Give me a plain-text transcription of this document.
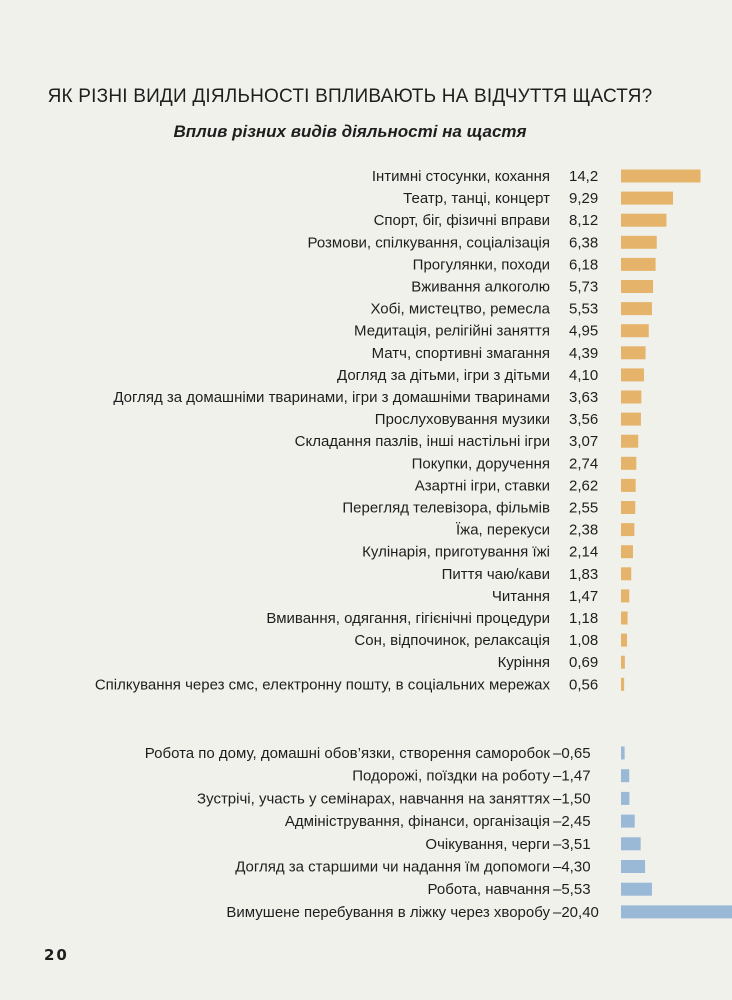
ЯК РІЗНІ ВИДИ ДІЯЛЬНОСТІ ВПЛИВАЮТЬ НА ВІДЧУТТЯ ЩАСТЯ?
Вплив різних видів діяльності на щастя
Інтимні стосунки, кохання 14,2
Театр, танці, концерт 9,29
Спорт, біг, фізичні вправи 8,12
Розмови, спілкування, соціалізація 6,38
Прогулянки, походи 6,18
Вживання алкоголю 5,73
Хобі, мистецтво, ремесла 5,53
Медитація, релігійні заняття 4,95
Матч, спортивні змагання 4,39
Догляд за дітьми, ігри з дітьми 4,10
Догляд за домашніми тваринами, ігри з домашніми тваринами 3,63
Прослуховування музики 3,56
Складання пазлів, інші настільні ігри 3,07
Покупки, доручення 2,74
Азартні ігри, ставки 2,62
Перегляд телевізора, фільмів 2,55
Їжа, перекуси 2,38
Кулінарія, приготування їжі 2,14
Пиття чаю/кави 1,83
Читання 1,47
Вмивання, одягання, гігієнічні процедури 1,18
Сон, відпочинок, релаксація 1,08
Куріння 0,69
Спілкування через смс, електронну пошту, в соціальних мережах 0,56
Робота по дому, домашні обов’язки, створення саморобок –0,65
Подорожі, поїздки на роботу –1,47
Зустрічі, участь у семінарах, навчання на заняттях –1,50
Адміністрування, фінанси, організація –2,45
Очікування, черги –3,51
Догляд за старшими чи надання їм допомоги –4,30
Робота, навчання –5,53
Вимушене перебування в ліжку через хворобу –20,40
20
